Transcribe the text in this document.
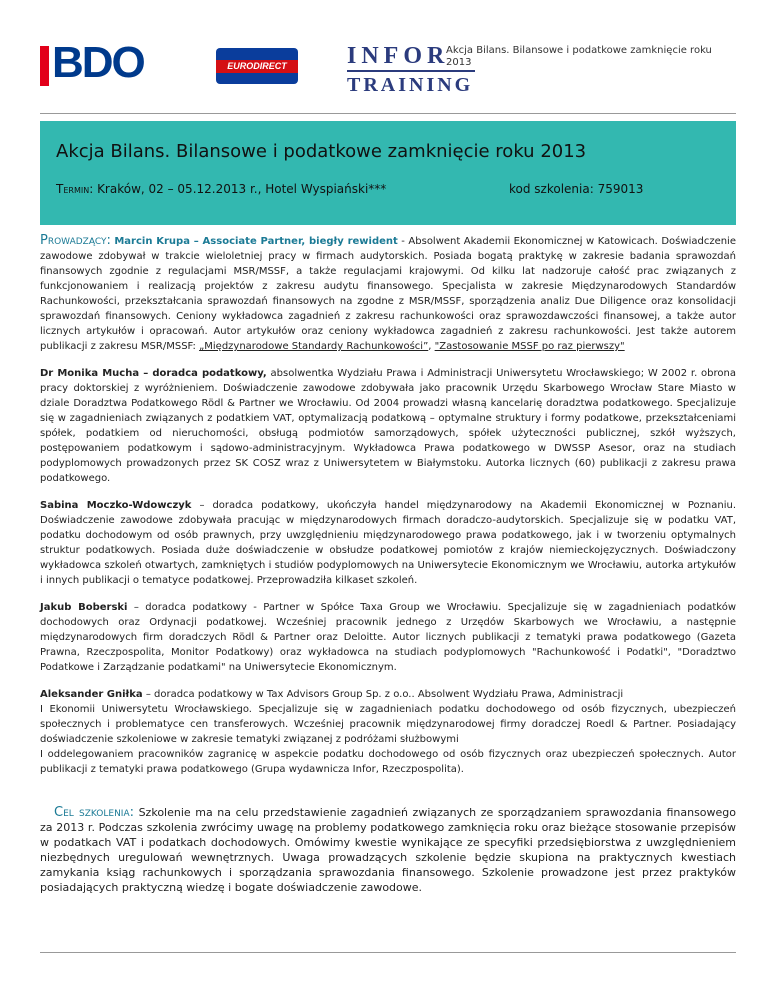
BDO	EURODIRECT	INFOR
TRAINING
Akcja Bilans. Bilansowe i podatkowe zamknięcie roku 2013
Akcja Bilans. Bilansowe i podatkowe zamknięcie roku 2013
Termin: Kraków, 02 – 05.12.2013 r., Hotel Wyspiański***	kod szkolenia: 759013

Prowadzący: Marcin Krupa – Associate Partner, biegły rewident - Absolwent Akademii Ekonomicznej w Katowicach. Doświadczenie zawodowe zdobywał w trakcie wieloletniej pracy w firmach audytorskich. Posiada bogatą praktykę w zakresie badania sprawozdań finansowych zgodnie z regulacjami MSR/MSSF, a także regulacjami krajowymi. Od kilku lat nadzoruje całość prac związanych z funkcjonowaniem i realizacją projektów z zakresu audytu finansowego. Specjalista w zakresie Międzynarodowych Standardów Rachunkowości, przekształcania sprawozdań finansowych na zgodne z MSR/MSSF, sporządzenia analiz Due Diligence oraz konsolidacji sprawozdań finansowych. Ceniony wykładowca zagadnień z zakresu rachunkowości oraz sprawozdawczości finansowej, a także autor licznych artykułów i opracowań. Autor artykułów oraz ceniony wykładowca zagadnień z zakresu rachunkowości. Jest także autorem publikacji z zakresu MSR/MSSF: „Międzynarodowe Standardy Rachunkowości”, "Zastosowanie MSSF po raz pierwszy"

Dr Monika Mucha – doradca podatkowy, absolwentka Wydziału Prawa i Administracji Uniwersytetu Wrocławskiego; W 2002 r. obrona pracy doktorskiej z wyróżnieniem. Doświadczenie zawodowe zdobywała jako pracownik Urzędu Skarbowego Wrocław Stare Miasto w dziale Doradztwa Podatkowego Rödl & Partner we Wrocławiu. Od 2004 prowadzi własną kancelarię doradztwa podatkowego. Specjalizuje się w zagadnieniach związanych z podatkiem VAT, optymalizacją podatkową – optymalne struktury i formy podatkowe, przekształceniami spółek, podatkiem od nieruchomości, obsługą podmiotów samorządowych, spółek użyteczności publicznej, szkół wyższych, postępowaniem podatkowym i sądowo-administracyjnym. Wykładowca Prawa podatkowego w DWSSP Asesor, oraz na studiach podyplomowych prowadzonych przez SK COSZ wraz z Uniwersytetem w Białymstoku. Autorka licznych (60) publikacji z zakresu prawa podatkowego.

Sabina Moczko-Wdowczyk – doradca podatkowy, ukończyła handel międzynarodowy na Akademii Ekonomicznej w Poznaniu. Doświadczenie zawodowe zdobywała pracując w międzynarodowych firmach doradczo-audytorskich. Specjalizuje się w podatku VAT, podatku dochodowym od osób prawnych, przy uwzględnieniu międzynarodowego prawa podatkowego, jak i w tworzeniu optymalnych struktur podatkowych. Posiada duże doświadczenie w obsłudze podatkowej pomiotów z krajów niemieckojęzycznych. Doświadczony wykładowca szkoleń otwartych, zamkniętych i studiów podyplomowych na Uniwersytecie Ekonomicznym we Wrocławiu, autorka artykułów i innych publikacji o tematyce podatkowej. Przeprowadziła kilkaset szkoleń.

Jakub Boberski – doradca podatkowy - Partner w Spółce Taxa Group we Wrocławiu. Specjalizuje się w zagadnieniach podatków dochodowych oraz Ordynacji podatkowej. Wcześniej pracownik jednego z Urzędów Skarbowych we Wrocławiu, a następnie międzynarodowych firm doradczych Rödl & Partner oraz Deloitte. Autor licznych publikacji z tematyki prawa podatkowego (Gazeta Prawna, Rzeczpospolita, Monitor Podatkowy) oraz wykładowca na studiach podyplomowych "Rachunkowość i Podatki", "Doradztwo Podatkowe i Zarządzanie podatkami" na Uniwersytecie Ekonomicznym.

Aleksander Gniłka – doradca podatkowy w Tax Advisors Group Sp. z o.o.. Absolwent Wydziału Prawa, Administracji
I Ekonomii Uniwersytetu Wrocławskiego. Specjalizuje się w zagadnieniach podatku dochodowego od osób fizycznych, ubezpieczeń społecznych i problematyce cen transferowych. Wcześniej pracownik międzynarodowej firmy doradczej Roedl & Partner. Posiadający doświadczenie szkoleniowe w zakresie tematyki związanej z podróżami służbowymi
I oddelegowaniem pracowników zagranicę w aspekcie podatku dochodowego od osób fizycznych oraz ubezpieczeń społecznych. Autor publikacji z tematyki prawa podatkowego (Grupa wydawnicza Infor, Rzeczpospolita).

Cel szkolenia: Szkolenie ma na celu przedstawienie zagadnień związanych ze sporządzaniem sprawozdania finansowego za 2013 r. Podczas szkolenia zwrócimy uwagę na problemy podatkowego zamknięcia roku oraz bieżące stosowanie przepisów w podatkach VAT i podatkach dochodowych. Omówimy kwestie wynikające ze specyfiki przedsiębiorstwa z uwzględnieniem niezbędnych uregulowań wewnętrznych. Uwaga prowadzących szkolenie będzie skupiona na praktycznych kwestiach zamykania ksiąg rachunkowych i sporządzania sprawozdania finansowego. Szkolenie prowadzone jest przez praktyków posiadających praktyczną wiedzę i bogate doświadczenie zawodowe.
